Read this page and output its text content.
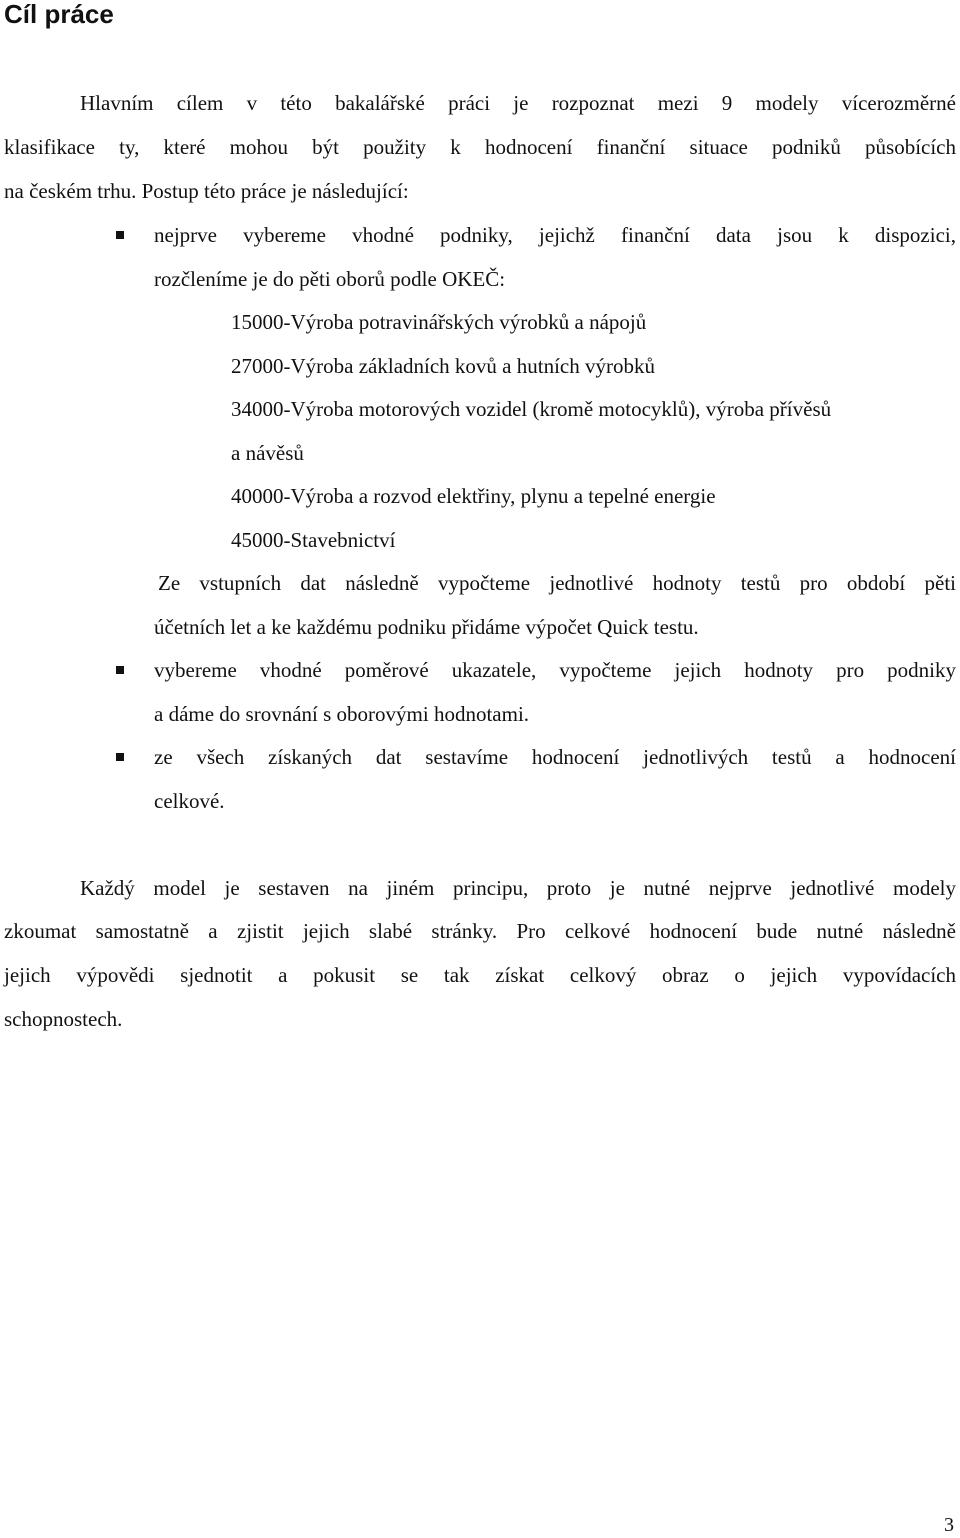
Cíl práce

Hlavním cílem v této bakalářské práci je rozpoznat mezi 9 modely vícerozměrné

klasifikace ty, které mohou být použity k hodnocení finanční situace podniků působících

na českém trhu. Postup této práce je následující:

nejprve vybereme vhodné podniky, jejichž finanční data jsou k dispozici,

rozčleníme je do pěti oborů podle OKEČ:

15000-Výroba potravinářských výrobků a nápojů

27000-Výroba základních kovů a hutních výrobků

34000-Výroba motorových vozidel (kromě motocyklů), výroba přívěsů

a návěsů

40000-Výroba a rozvod elektřiny, plynu a tepelné energie

45000-Stavebnictví

Ze vstupních dat následně vypočteme jednotlivé hodnoty testů pro období pěti

účetních let a ke každému podniku přidáme výpočet Quick testu.

vybereme vhodné poměrové ukazatele, vypočteme jejich hodnoty pro podniky

a dáme do srovnání s oborovými hodnotami.

ze všech získaných dat sestavíme hodnocení jednotlivých testů a hodnocení

celkové.

Každý model je sestaven na jiném principu, proto je nutné nejprve jednotlivé modely

zkoumat samostatně a zjistit jejich slabé stránky. Pro celkové hodnocení bude nutné následně

jejich výpovědi sjednotit a pokusit se tak získat celkový obraz o jejich vypovídacích

schopnostech.

3
